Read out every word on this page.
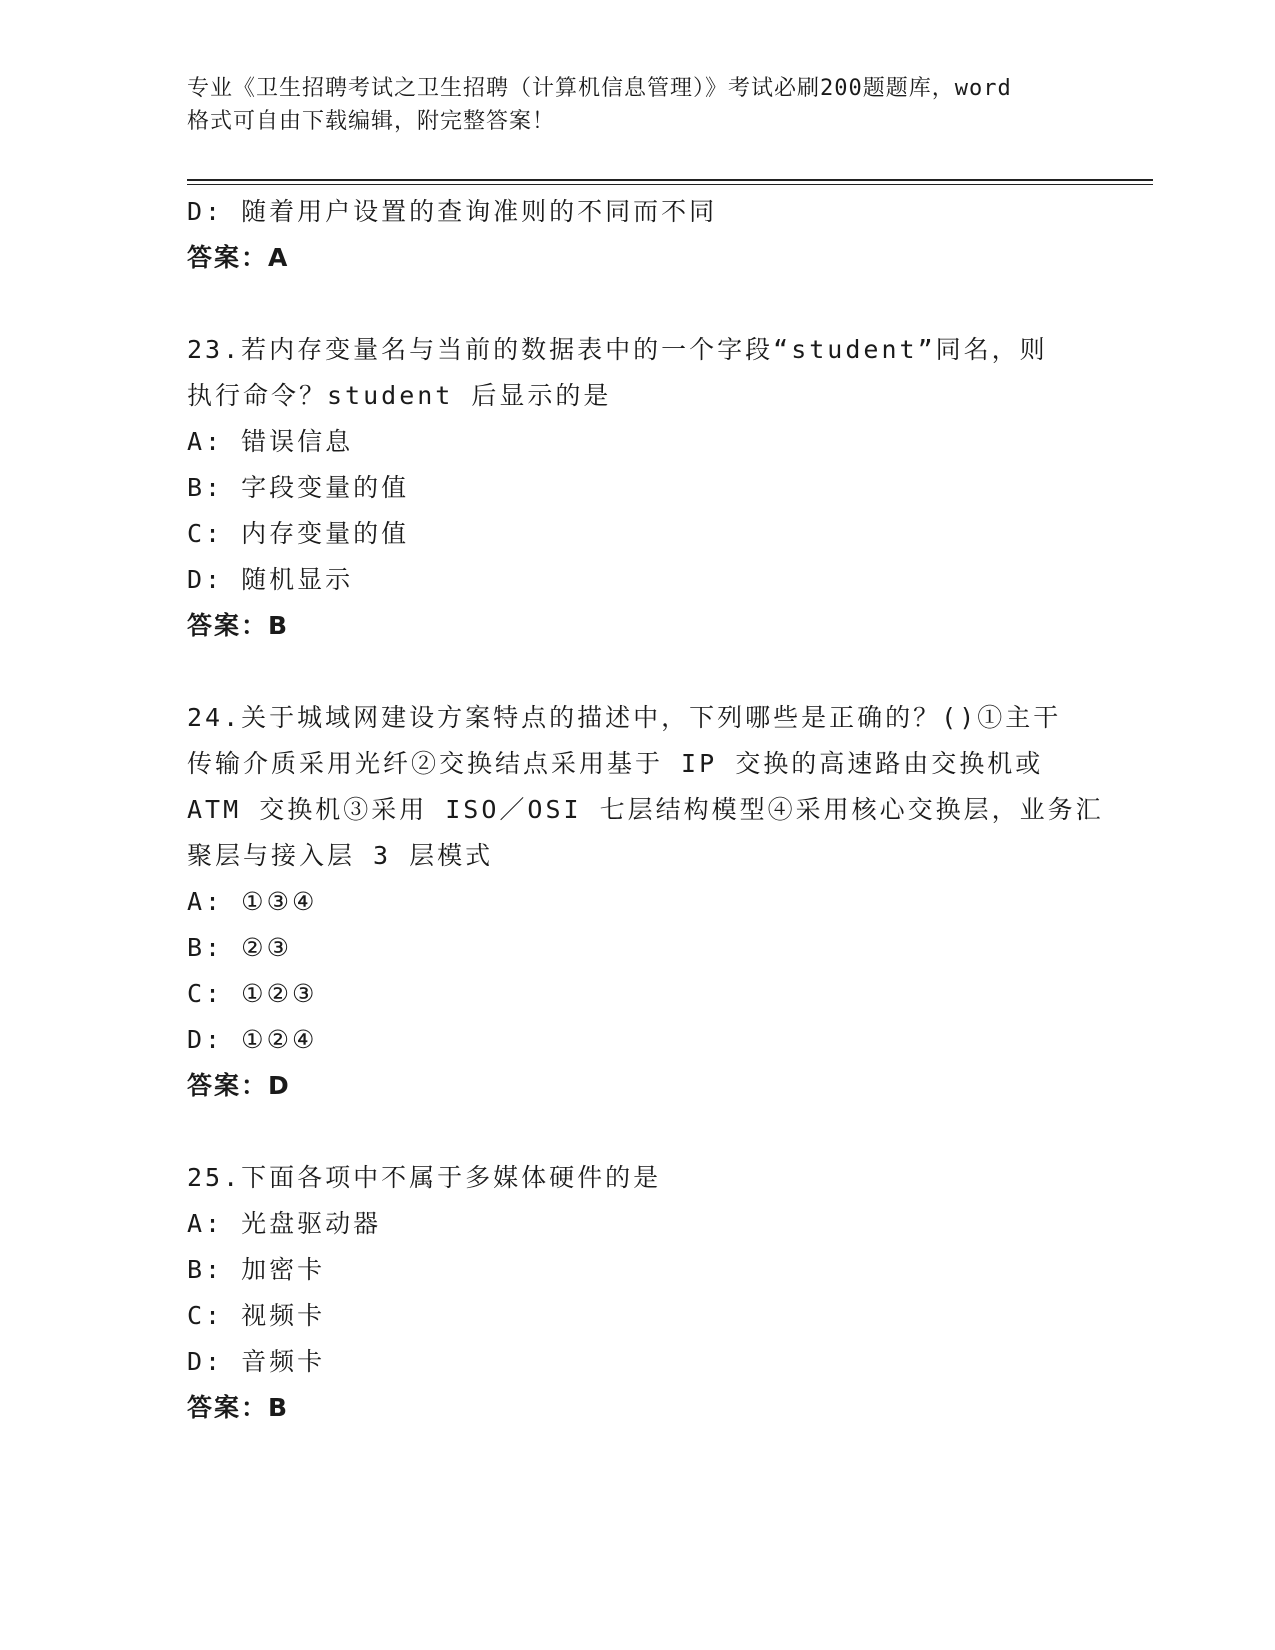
专业《卫生招聘考试之卫生招聘（计算机信息管理）》考试必刷200题题库，word
格式可自由下载编辑，附完整答案！
D: 随着用户设置的查询准则的不同而不同
答案：A
23.若内存变量名与当前的数据表中的一个字段“student”同名，则
执行命令？student 后显示的是
A: 错误信息
B: 字段变量的值
C: 内存变量的值
D: 随机显示
答案：B
24.关于城域网建设方案特点的描述中，下列哪些是正确的？()①主干
传输介质采用光纤②交换结点采用基于 IP 交换的高速路由交换机或
ATM 交换机③采用 ISO／OSI 七层结构模型④采用核心交换层，业务汇
聚层与接入层 3 层模式
A: ①③④
B: ②③
C: ①②③
D: ①②④
答案：D
25.下面各项中不属于多媒体硬件的是
A: 光盘驱动器
B: 加密卡
C: 视频卡
D: 音频卡
答案：B
